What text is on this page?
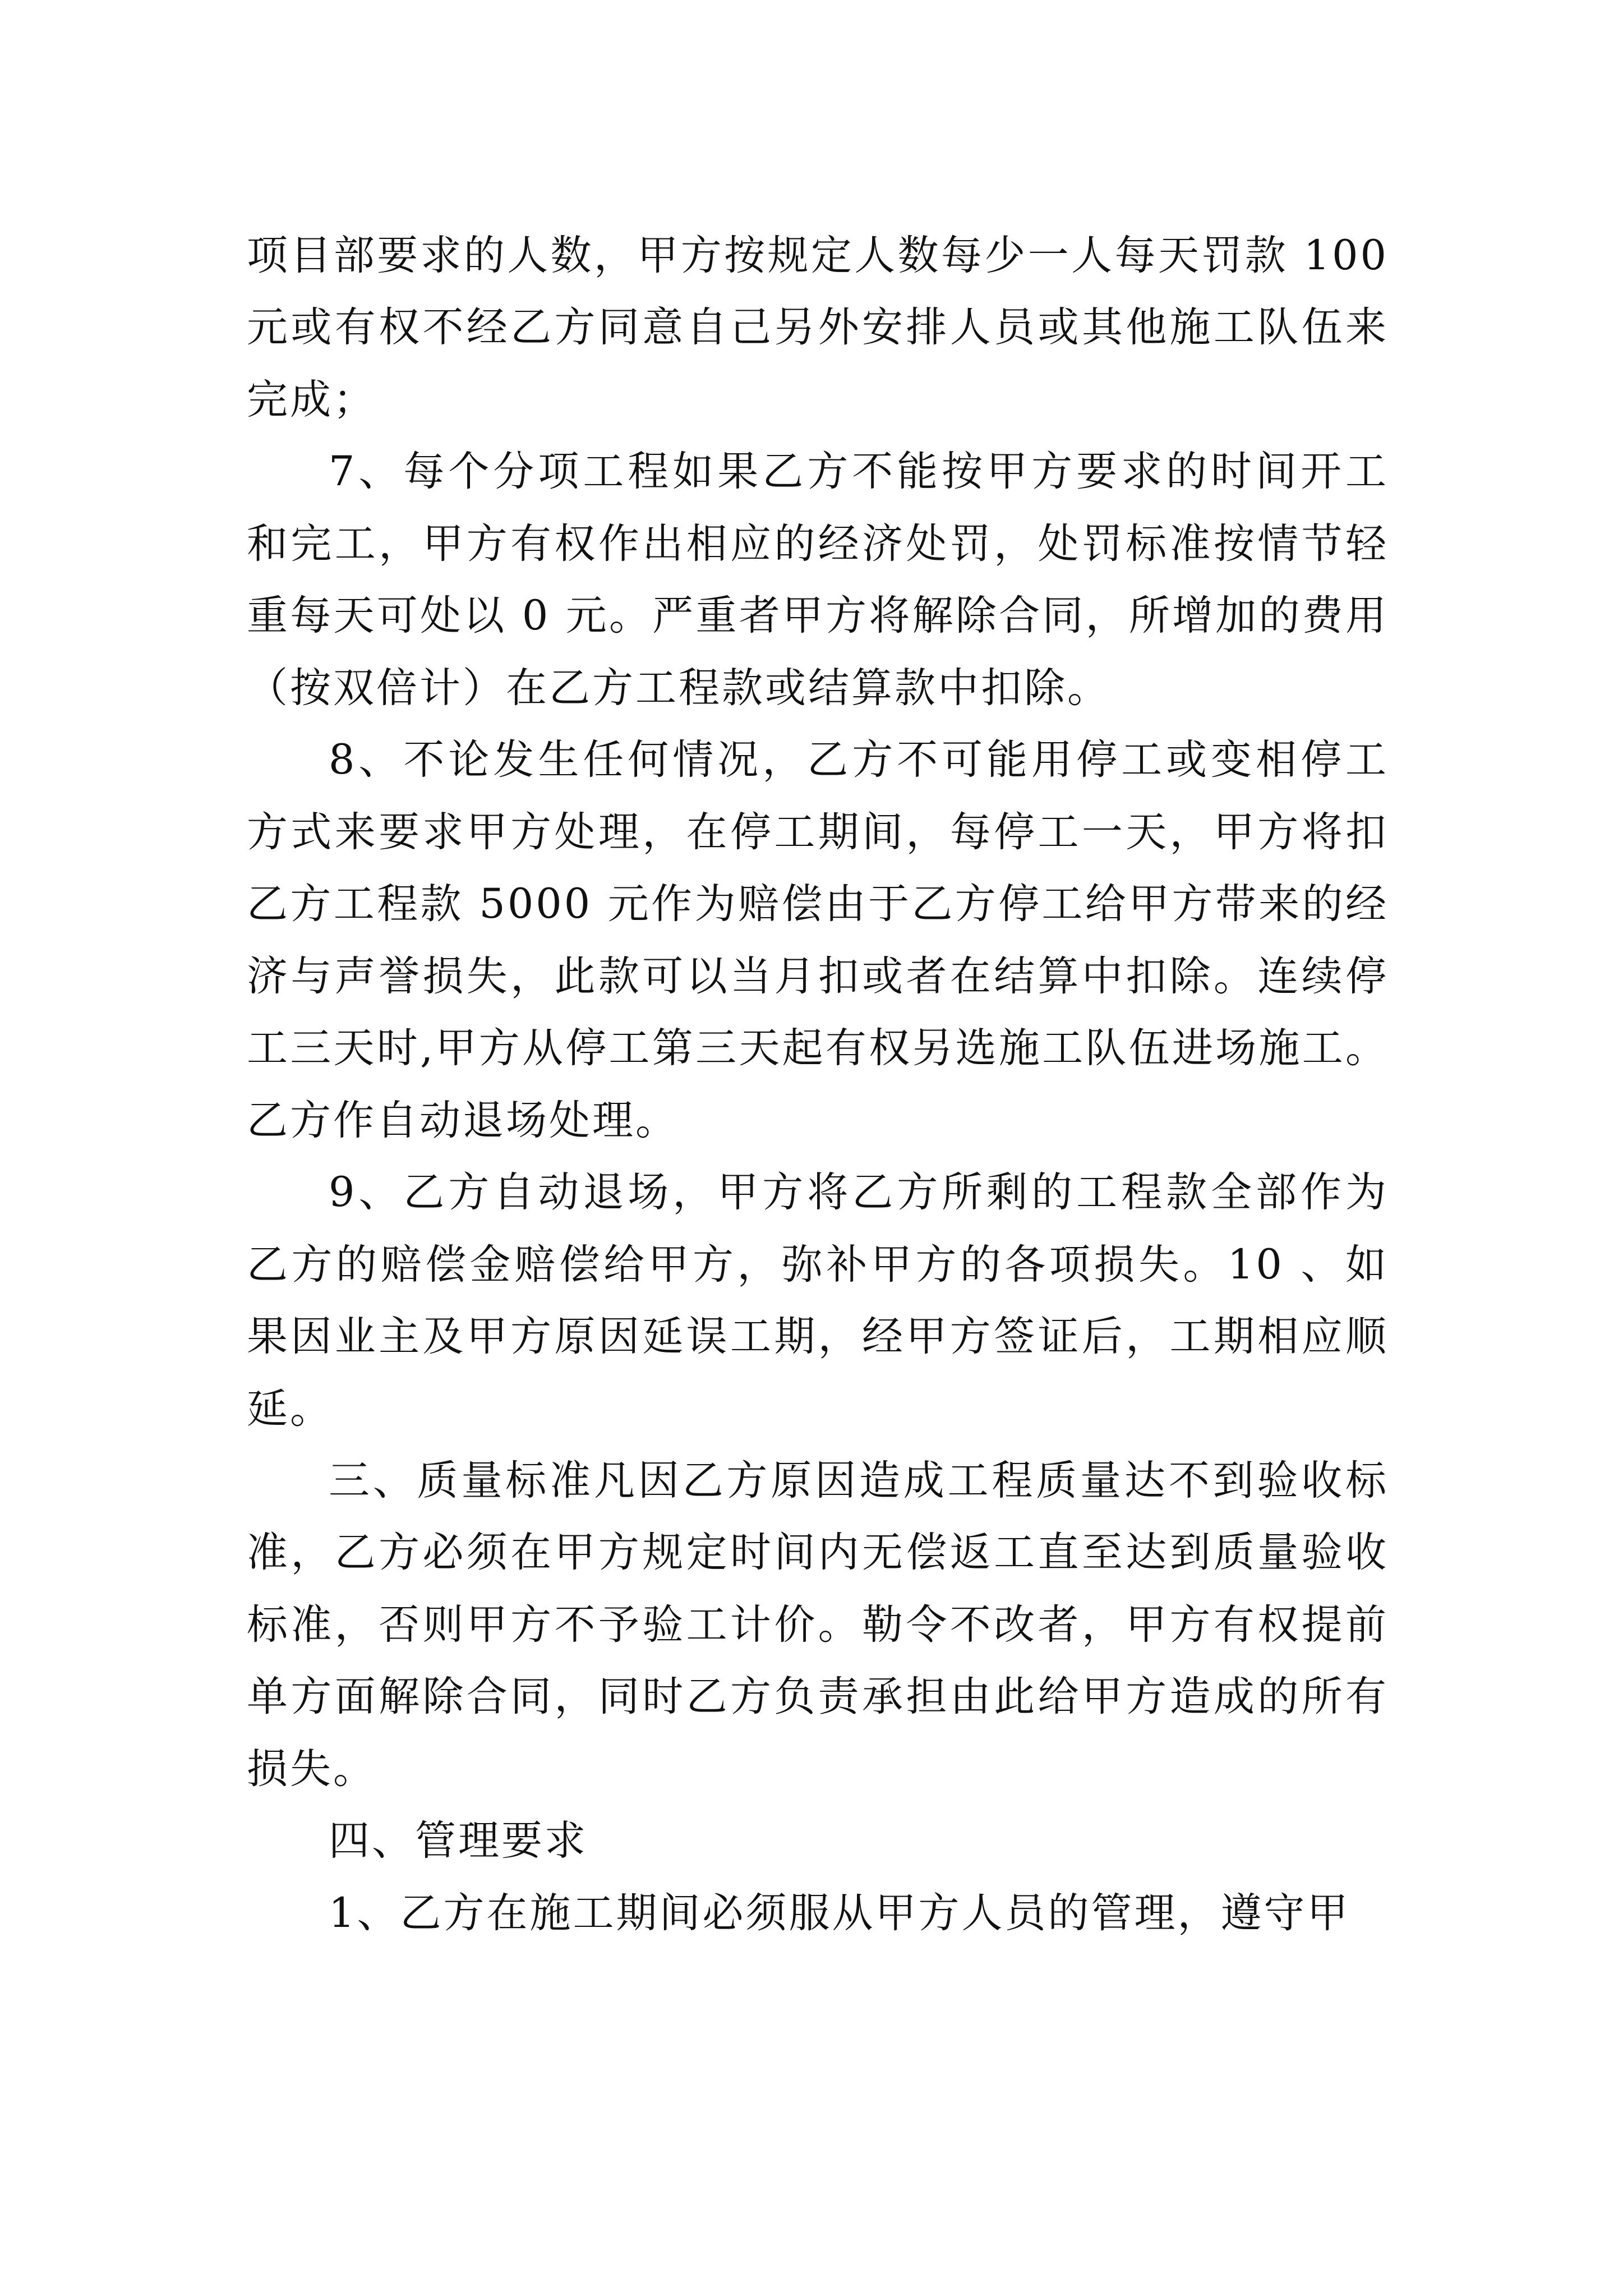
项目部要求的人数，甲方按规定人数每少一人每天罚款 100 元或有权不经乙方同意自己另外安排人员或其他施工队伍来完成；

7、每个分项工程如果乙方不能按甲方要求的时间开工和完工，甲方有权作出相应的经济处罚，处罚标准按情节轻重每天可处以 0 元。严重者甲方将解除合同，所增加的费用（按双倍计）在乙方工程款或结算款中扣除。

8、不论发生任何情况，乙方不可能用停工或变相停工方式来要求甲方处理，在停工期间，每停工一天，甲方将扣乙方工程款 5000 元作为赔偿由于乙方停工给甲方带来的经济与声誉损失，此款可以当月扣或者在结算中扣除。连续停工三天时,甲方从停工第三天起有权另选施工队伍进场施工。乙方作自动退场处理。

9、乙方自动退场，甲方将乙方所剩的工程款全部作为乙方的赔偿金赔偿给甲方，弥补甲方的各项损失。10 、如果因业主及甲方原因延误工期，经甲方签证后，工期相应顺延。

三、质量标准凡因乙方原因造成工程质量达不到验收标准，乙方必须在甲方规定时间内无偿返工直至达到质量验收标准，否则甲方不予验工计价。勒令不改者，甲方有权提前单方面解除合同，同时乙方负责承担由此给甲方造成的所有损失。

四、管理要求

1、乙方在施工期间必须服从甲方人员的管理，遵守甲
